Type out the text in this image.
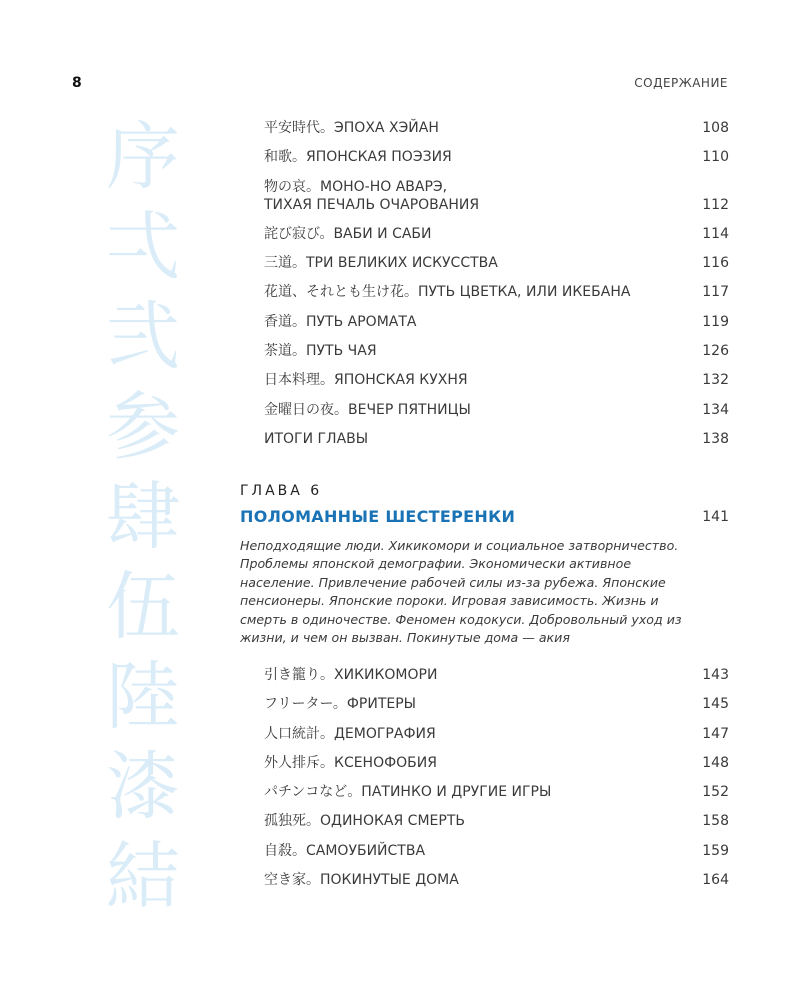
8	СОДЕРЖАНИЕ
序
弌
弐
参
肆
伍
陸
漆
結
平安時代。ЭПОХА ХЭЙАН	108
和歌。ЯПОНСКАЯ ПОЭЗИЯ	110
物の哀。МОНО-НО АВАРЭ,
ТИХАЯ ПЕЧАЛЬ ОЧАРОВАНИЯ	112
詫び寂び。ВАБИ И САБИ	114
三道。ТРИ ВЕЛИКИХ ИСКУССТВА	116
花道、それとも生け花。ПУТЬ ЦВЕТКА, ИЛИ ИКЕБАНА	117
香道。ПУТЬ АРОМАТА	119
茶道。ПУТЬ ЧАЯ	126
日本料理。ЯПОНСКАЯ КУХНЯ	132
金曜日の夜。ВЕЧЕР ПЯТНИЦЫ	134
ИТОГИ ГЛАВЫ	138
ГЛАВА 6
ПОЛОМАННЫЕ ШЕСТЕРЕНКИ	141
Неподходящие люди. Хикикомори и социальное затворничество. Проблемы японской демографии. Экономически активное население. Привлечение рабочей силы из-за рубежа. Японские пенсионеры. Японские пороки. Игровая зависимость. Жизнь и смерть в одиночестве. Феномен кодокуси. Добровольный уход из жизни, и чем он вызван. Покинутые дома — акия
引き籠り。ХИКИКОМОРИ	143
フリーター。ФРИТЕРЫ	145
人口統計。ДЕМОГРАФИЯ	147
外人排斥。КСЕНОФОБИЯ	148
パチンコなど。ПАТИНКО И ДРУГИЕ ИГРЫ	152
孤独死。ОДИНОКАЯ СМЕРТЬ	158
自殺。САМОУБИЙСТВА	159
空き家。ПОКИНУТЫЕ ДОМА	164
